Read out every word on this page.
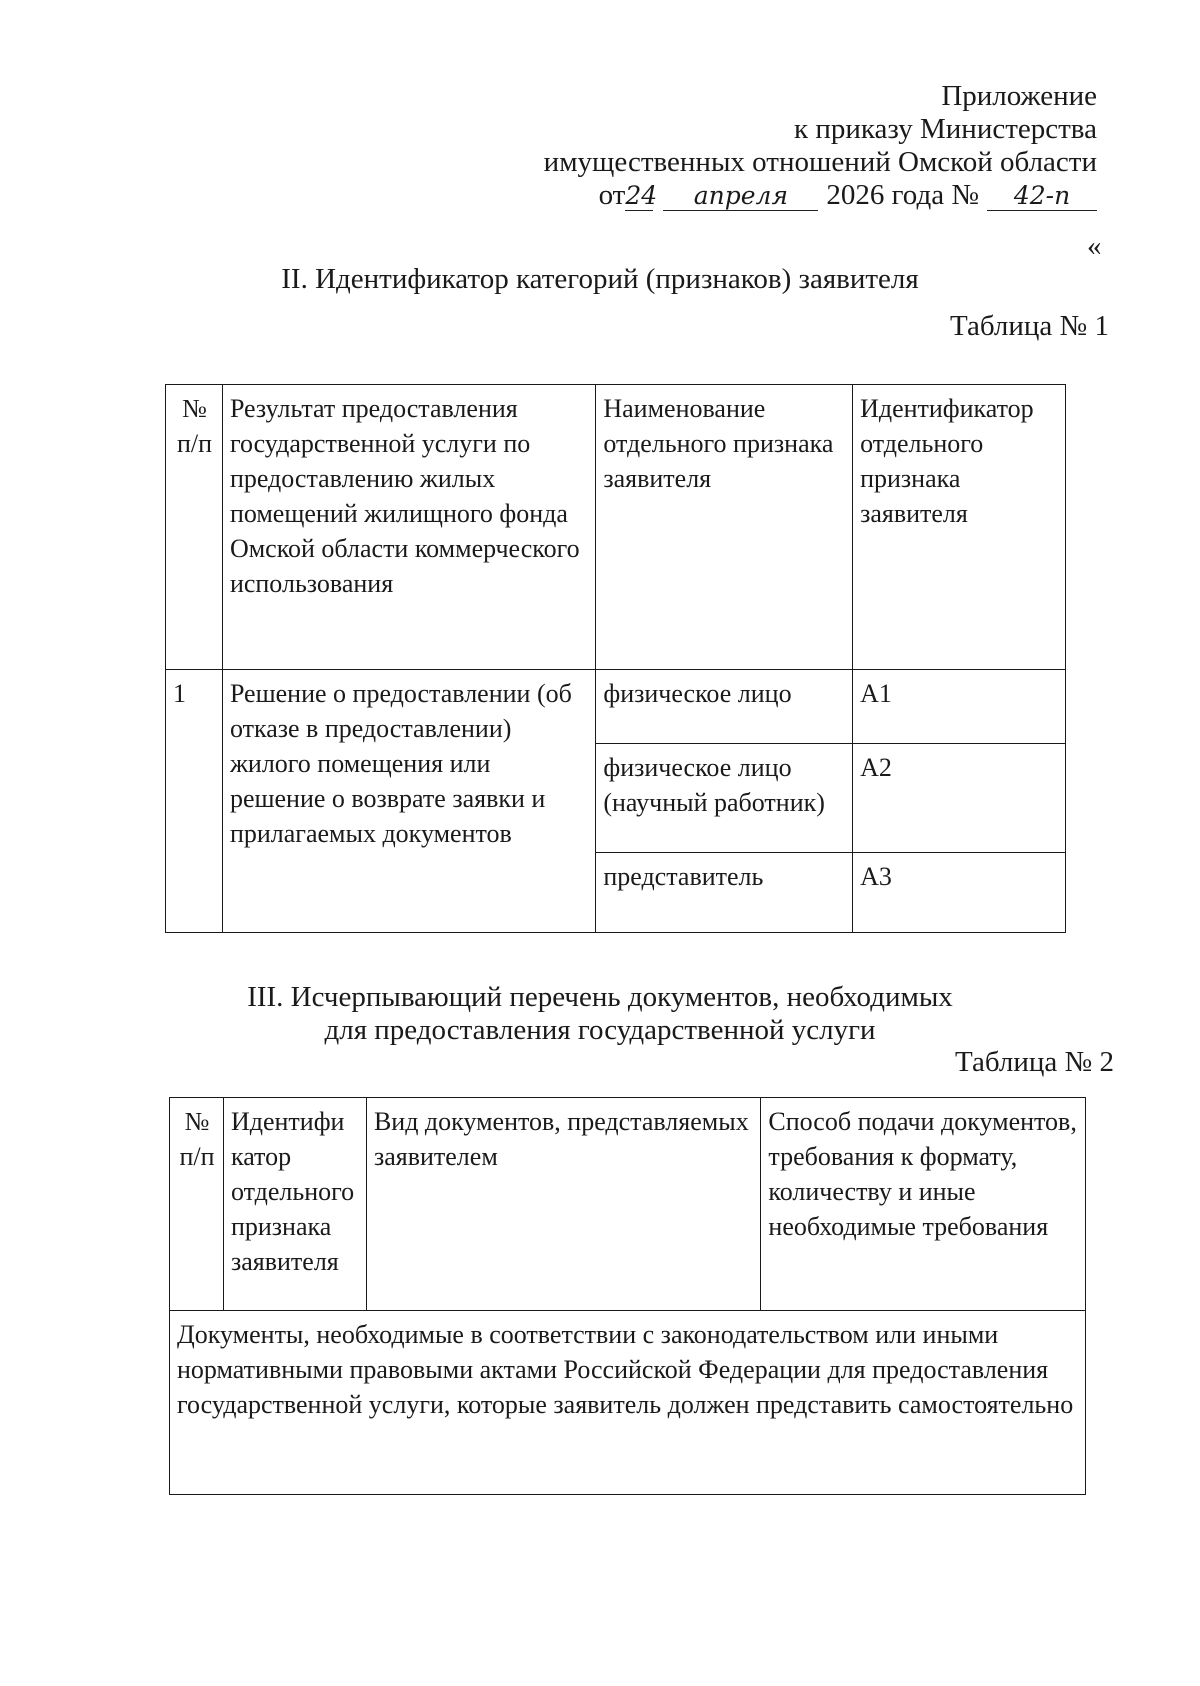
Приложение
к приказу Министерства
имущественных отношений Омской области
от24 апреля 2026 года № 42-п
«
II. Идентификатор категорий (признаков) заявителя
Таблица № 1
№ п/п	Результат предоставления государственной услуги по предоставлению жилых помещений жилищного фонда Омской области коммерческого использования	Наименование отдельного признака заявителя	Идентификатор отдельного признака заявителя
1	Решение о предоставлении (об отказе в предоставлении) жилого помещения или решение о возврате заявки и прилагаемых документов	физическое лицо	А1
		физическое лицо (научный работник)	А2
		представитель	А3
III. Исчерпывающий перечень документов, необходимых
для предоставления государственной услуги
Таблица № 2
№ п/п	Идентифи катор отдельного признака заявителя	Вид документов, представляемых заявителем	Способ подачи документов, требования к формату, количеству и иные необходимые требования
Документы, необходимые в соответствии с законодательством или иными нормативными правовыми актами Российской Федерации для предоставления государственной услуги, которые заявитель должен представить самостоятельно
